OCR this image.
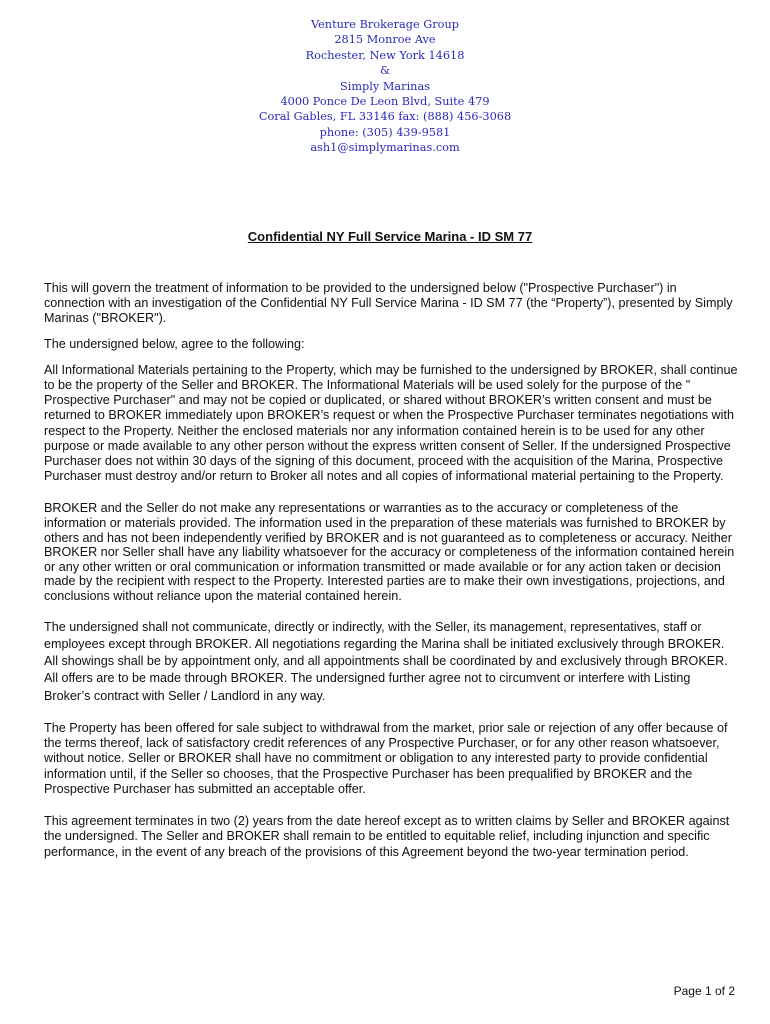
Venture Brokerage Group
2815 Monroe Ave
Rochester, New York 14618
&
Simply Marinas
4000 Ponce De Leon Blvd, Suite 479
Coral Gables, FL 33146 fax: (888) 456-3068
phone: (305) 439-9581
ash1@simplymarinas.com
Confidential NY Full Service Marina - ID SM 77

This will govern the treatment of information to be provided to the undersigned below ("Prospective Purchaser") in connection with an investigation of the Confidential NY Full Service Marina - ID SM 77 (the “Property”), presented by Simply Marinas ("BROKER").

The undersigned below, agree to the following:

All Informational Materials pertaining to the Property, which may be furnished to the undersigned by BROKER, shall continue to be the property of the Seller and BROKER. The Informational Materials will be used solely for the purpose of the " Prospective Purchaser" and may not be copied or duplicated, or shared without BROKER’s written consent and must be returned to BROKER immediately upon BROKER’s request or when the Prospective Purchaser terminates negotiations with respect to the Property. Neither the enclosed materials nor any information contained herein is to be used for any other purpose or made available to any other person without the express written consent of Seller. If the undersigned Prospective Purchaser does not within 30 days of the signing of this document, proceed with the acquisition of the Marina, Prospective Purchaser must destroy and/or return to Broker all notes and all copies of informational material pertaining to the Property.

BROKER and the Seller do not make any representations or warranties as to the accuracy or completeness of the information or materials provided. The information used in the preparation of these materials was furnished to BROKER by others and has not been independently verified by BROKER and is not guaranteed as to completeness or accuracy. Neither BROKER nor Seller shall have any liability whatsoever for the accuracy or completeness of the information contained herein or any other written or oral communication or information transmitted or made available or for any action taken or decision made by the recipient with respect to the Property. Interested parties are to make their own investigations, projections, and conclusions without reliance upon the material contained herein.

The undersigned shall not communicate, directly or indirectly, with the Seller, its management, representatives, staff or employees except through BROKER. All negotiations regarding the Marina shall be initiated exclusively through BROKER. All showings shall be by appointment only, and all appointments shall be coordinated by and exclusively through BROKER. All offers are to be made through BROKER. The undersigned further agree not to circumvent or interfere with Listing Broker’s contract with Seller / Landlord in any way.

The Property has been offered for sale subject to withdrawal from the market, prior sale or rejection of any offer because of the terms thereof, lack of satisfactory credit references of any Prospective Purchaser, or for any other reason whatsoever, without notice. Seller or BROKER shall have no commitment or obligation to any interested party to provide confidential information until, if the Seller so chooses, that the Prospective Purchaser has been prequalified by BROKER and the Prospective Purchaser has submitted an acceptable offer.

This agreement terminates in two (2) years from the date hereof except as to written claims by Seller and BROKER against the undersigned. The Seller and BROKER shall remain to be entitled to equitable relief, including injunction and specific performance, in the event of any breach of the provisions of this Agreement beyond the two-year termination period.

Page 1 of 2
